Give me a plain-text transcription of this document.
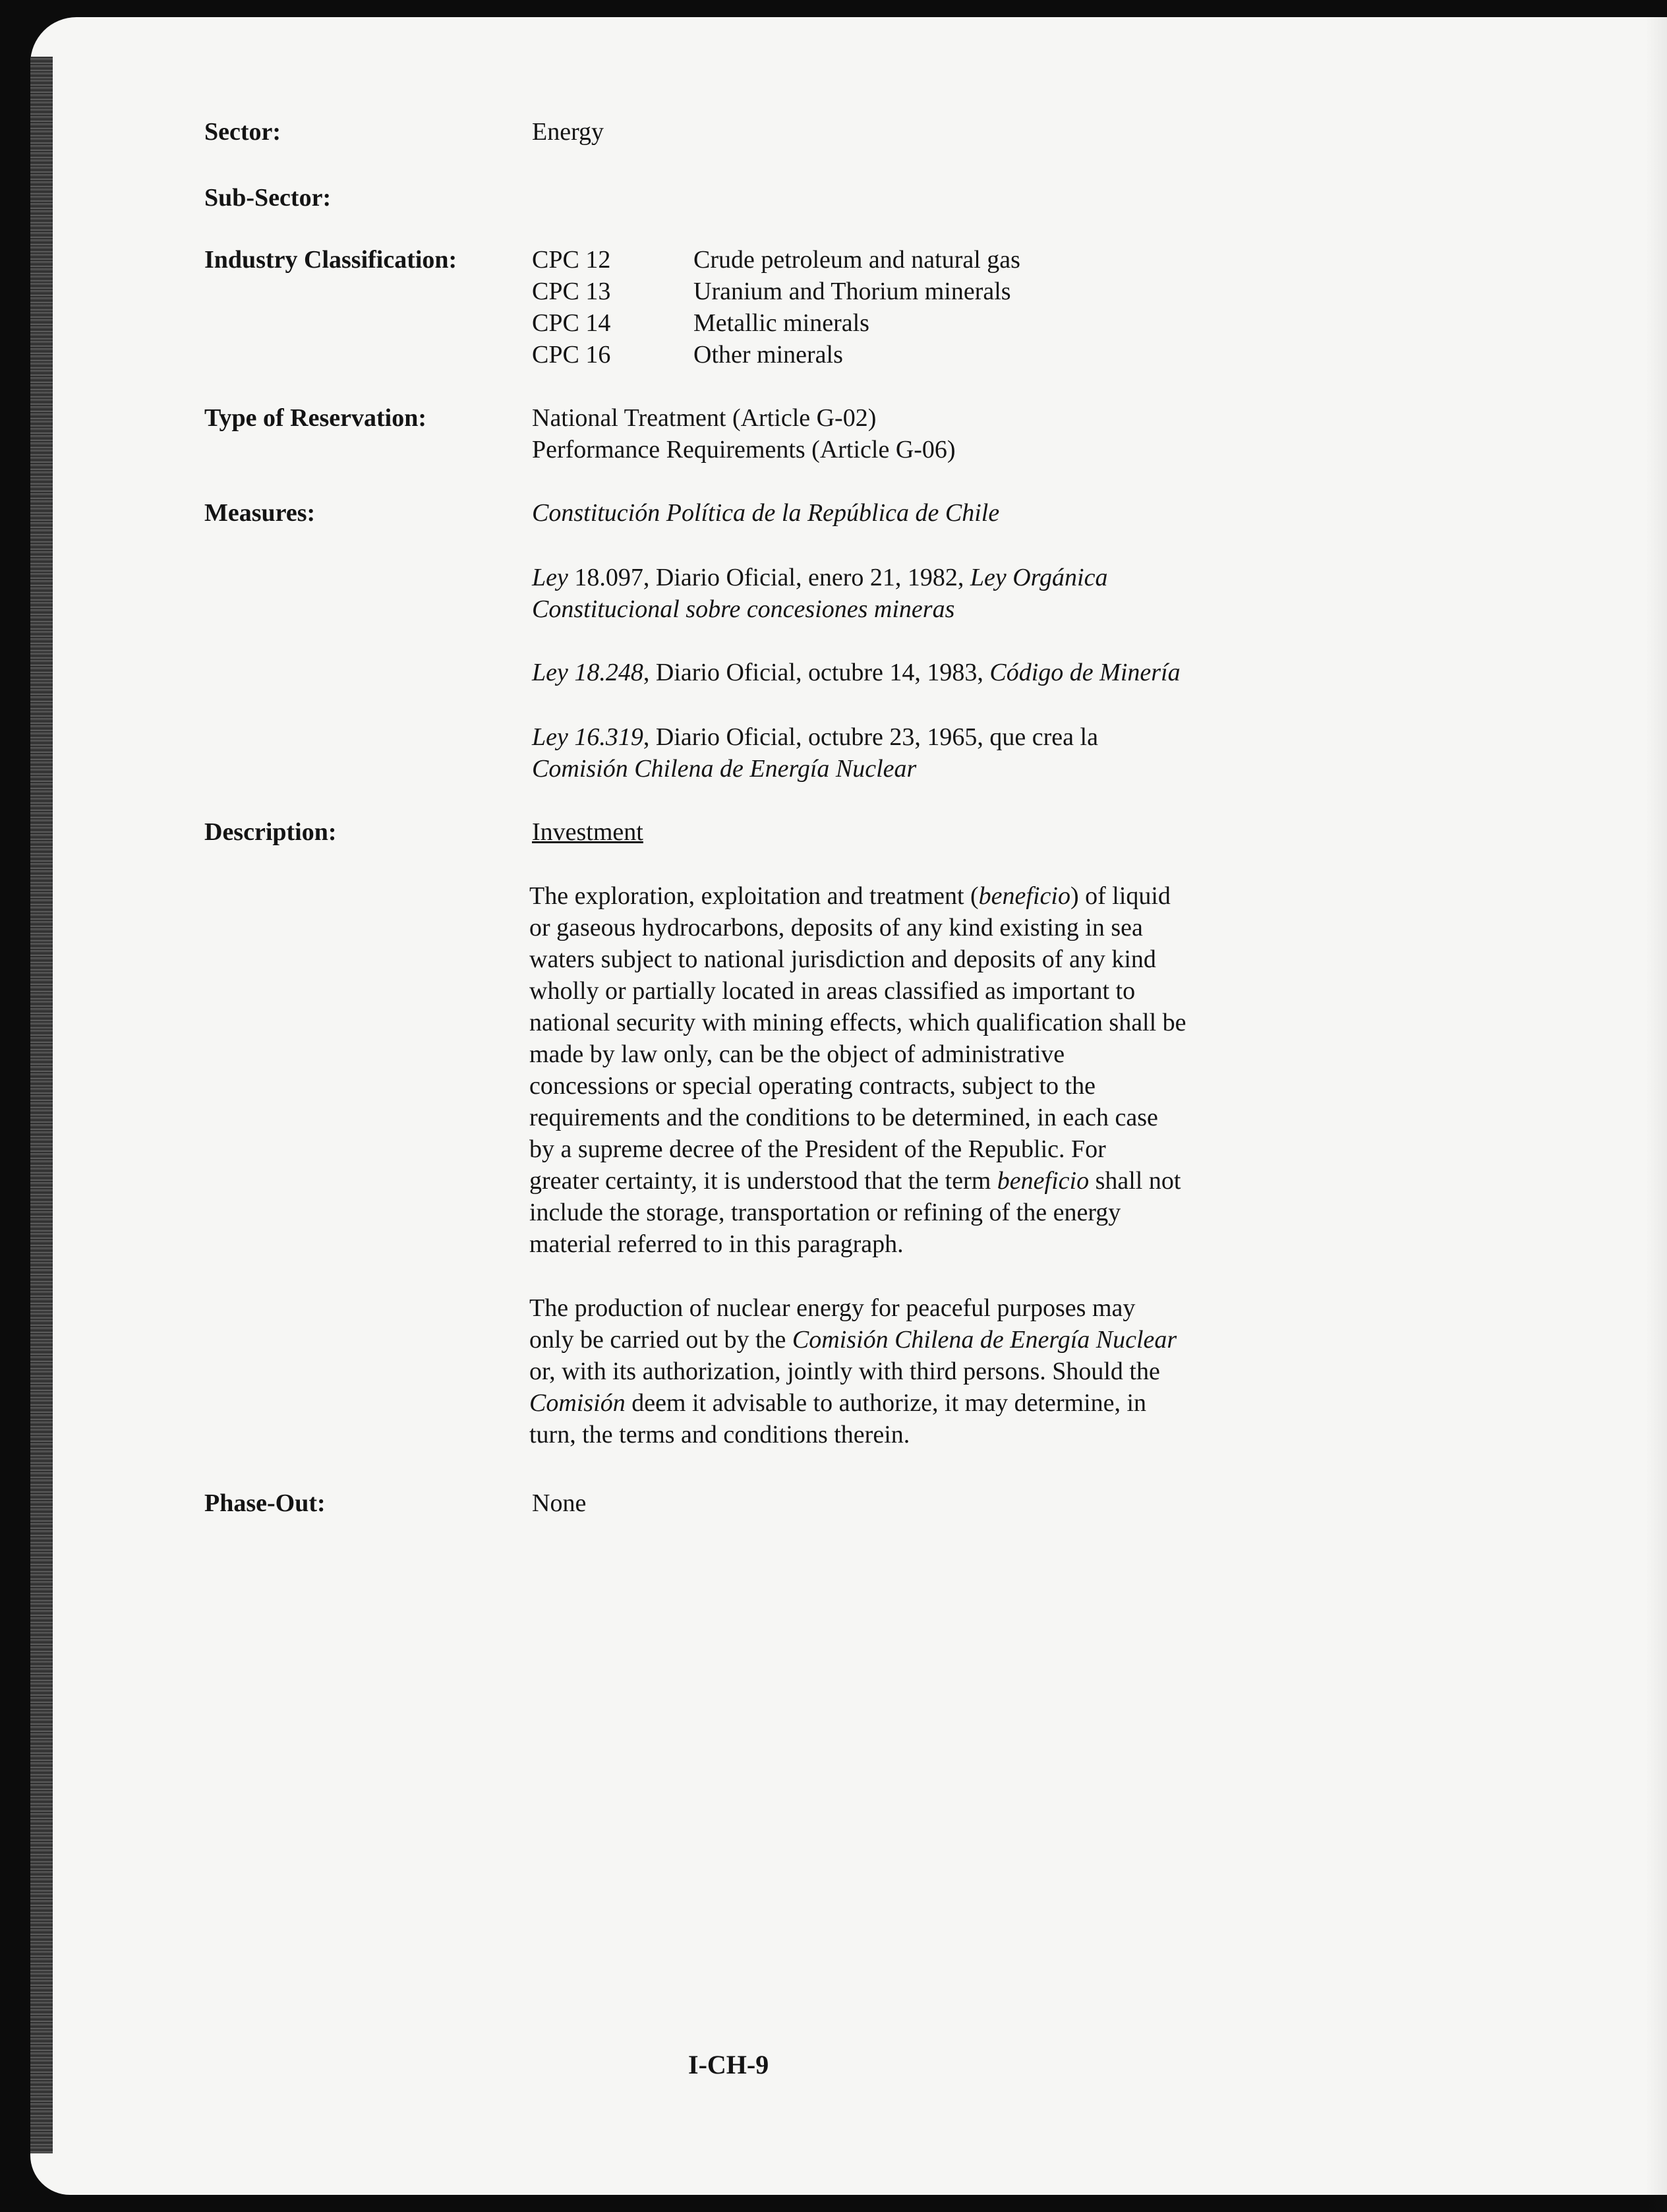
Sector:	Energy
Sub-Sector:
Industry Classification:	CPC 12	Crude petroleum and natural gas
CPC 13	Uranium and Thorium minerals
CPC 14	Metallic minerals
CPC 16	Other minerals
Type of Reservation:	National Treatment (Article G-02)
Performance Requirements (Article G-06)
Measures:	Constitución Política de la República de Chile
Ley 18.097, Diario Oficial, enero 21, 1982, Ley Orgánica
Constitucional sobre concesiones mineras
Ley 18.248, Diario Oficial, octubre 14, 1983, Código de Minería
Ley 16.319, Diario Oficial, octubre 23, 1965, que crea la
Comisión Chilena de Energía Nuclear
Description:	Investment
The exploration, exploitation and treatment (beneficio) of liquid
or gaseous hydrocarbons, deposits of any kind existing in sea
waters subject to national jurisdiction and deposits of any kind
wholly or partially located in areas classified as important to
national security with mining effects, which qualification shall be
made by law only, can be the object of administrative
concessions or special operating contracts, subject to the
requirements and the conditions to be determined, in each case
by a supreme decree of the President of the Republic. For
greater certainty, it is understood that the term beneficio shall not
include the storage, transportation or refining of the energy
material referred to in this paragraph.
The production of nuclear energy for peaceful purposes may
only be carried out by the Comisión Chilena de Energía Nuclear
or, with its authorization, jointly with third persons. Should the
Comisión deem it advisable to authorize, it may determine, in
turn, the terms and conditions therein.
Phase-Out:	None
I-CH-9
